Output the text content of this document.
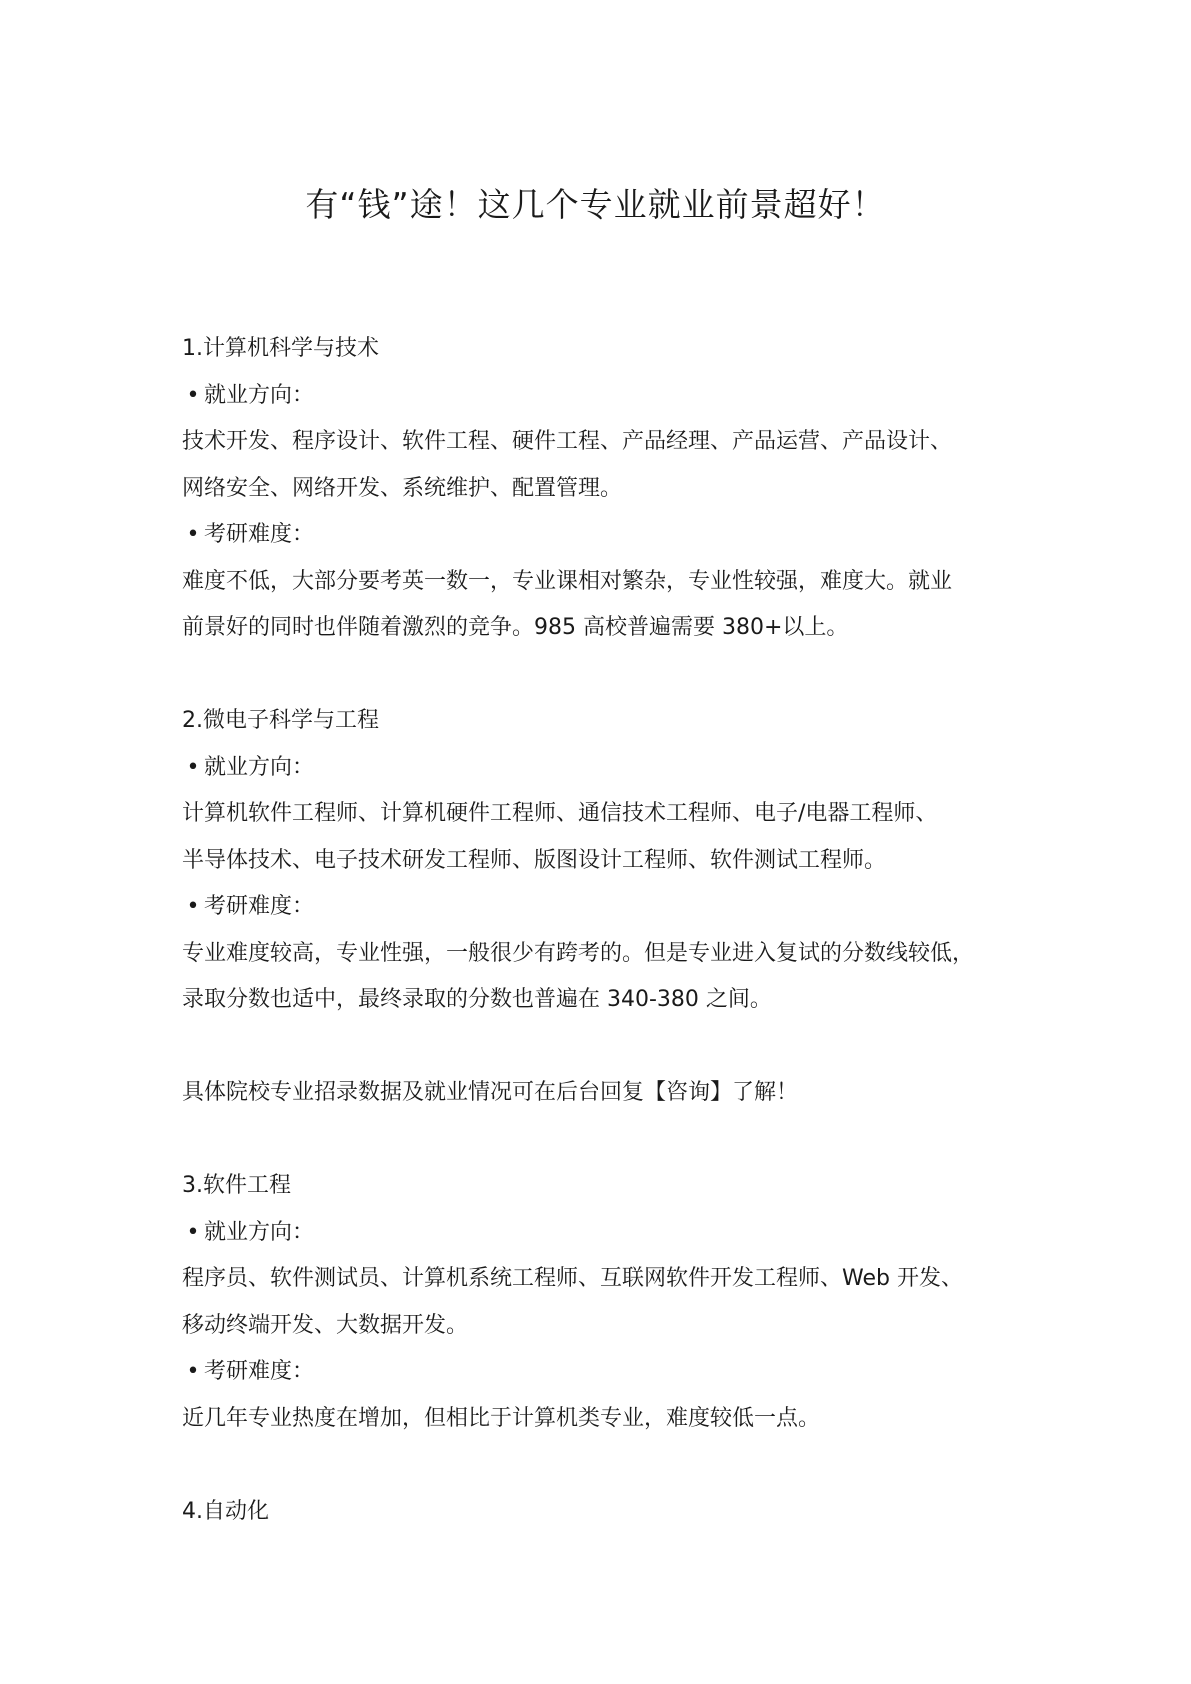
有“钱”途！这几个专业就业前景超好！

1.计算机科学与技术

• 就业方向：

技术开发、程序设计、软件工程、硬件工程、产品经理、产品运营、产品设计、

网络安全、网络开发、系统维护、配置管理。

• 考研难度：

难度不低，大部分要考英一数一，专业课相对繁杂，专业性较强，难度大。就业

前景好的同时也伴随着激烈的竞争。985 高校普遍需要 380+以上。

2.微电子科学与工程

• 就业方向：

计算机软件工程师、计算机硬件工程师、通信技术工程师、电子/电器工程师、

半导体技术、电子技术研发工程师、版图设计工程师、软件测试工程师。

• 考研难度：

专业难度较高，专业性强，一般很少有跨考的。但是专业进入复试的分数线较低，

录取分数也适中，最终录取的分数也普遍在 340-380 之间。

具体院校专业招录数据及就业情况可在后台回复【咨询】了解！

3.软件工程

• 就业方向：

程序员、软件测试员、计算机系统工程师、互联网软件开发工程师、Web 开发、

移动终端开发、大数据开发。

• 考研难度：

近几年专业热度在增加，但相比于计算机类专业，难度较低一点。

4.自动化
